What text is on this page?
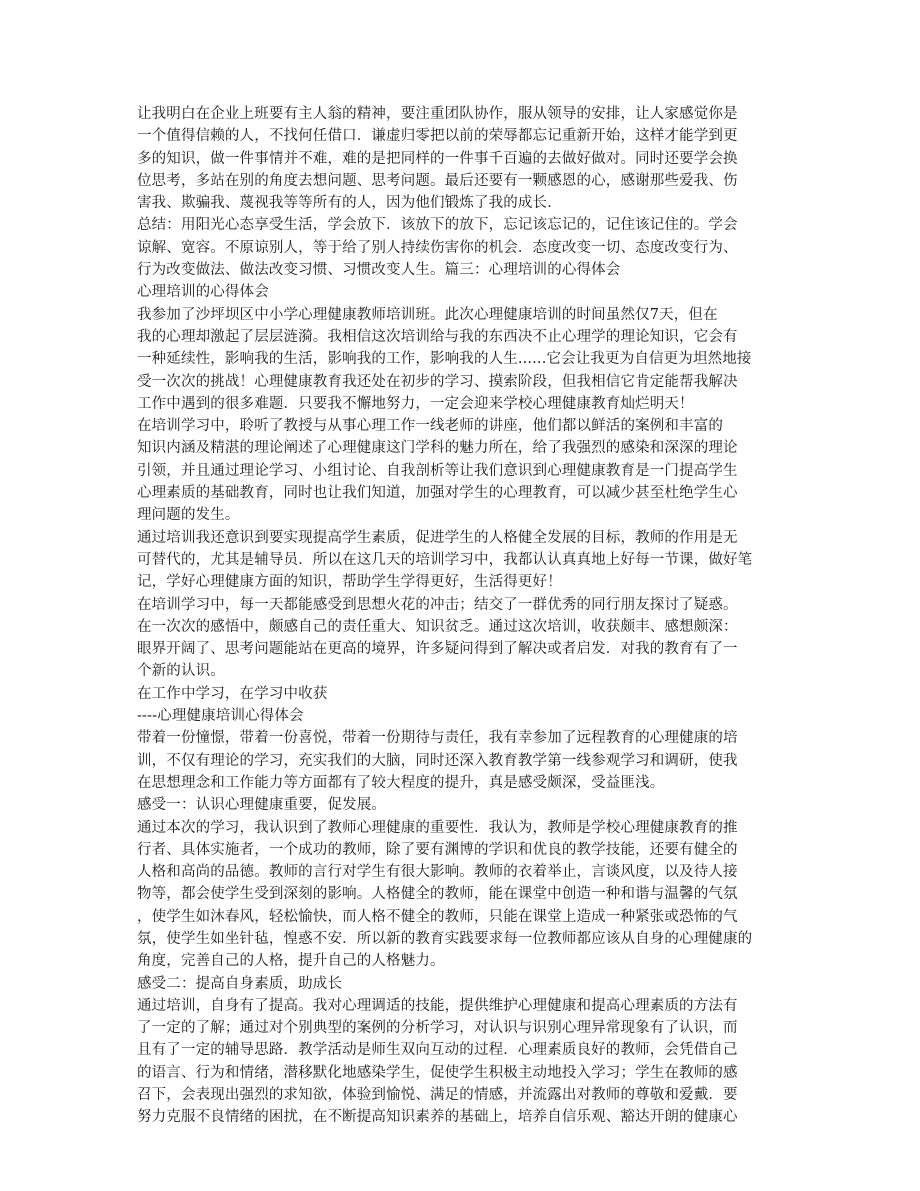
让我明白在企业上班要有主人翁的精神，要注重团队协作，服从领导的安排，让人家感觉你是
一个值得信赖的人，不找何任借口．谦虚归零把以前的荣辱都忘记重新开始，这样才能学到更
多的知识，做一件事情并不难，难的是把同样的一件事千百遍的去做好做对。同时还要学会换
位思考，多站在别的角度去想问题、思考问题。最后还要有一颗感恩的心，感谢那些爱我、伤
害我、欺骗我、蔑视我等等所有的人，因为他们锻炼了我的成长．
总结：用阳光心态享受生活，学会放下．该放下的放下，忘记该忘记的，记住该记住的。学会
谅解、宽容。不原谅别人，等于给了别人持续伤害你的机会．态度改变一切、态度改变行为、
行为改变做法、做法改变习惯、习惯改变人生。篇三：心理培训的心得体会
心理培训的心得体会
我参加了沙坪坝区中小学心理健康教师培训班。此次心理健康培训的时间虽然仅7天，但在
我的心理却激起了层层涟漪。我相信这次培训给与我的东西决不止心理学的理论知识，它会有
一种延续性，影响我的生活，影响我的工作，影响我的人生......它会让我更为自信更为坦然地接
受一次次的挑战！心理健康教育我还处在初步的学习、摸索阶段，但我相信它肯定能帮我解决
工作中遇到的很多难题．只要我不懈地努力，一定会迎来学校心理健康教育灿烂明天！
在培训学习中，聆听了教授与从事心理工作一线老师的讲座，他们都以鲜活的案例和丰富的
知识内涵及精湛的理论阐述了心理健康这门学科的魅力所在，给了我强烈的感染和深深的理论
引领，并且通过理论学习、小组讨论、自我剖析等让我们意识到心理健康教育是一门提高学生
心理素质的基础教育，同时也让我们知道，加强对学生的心理教育，可以减少甚至杜绝学生心
理问题的发生。
通过培训我还意识到要实现提高学生素质，促进学生的人格健全发展的目标，教师的作用是无
可替代的，尤其是辅导员．所以在这几天的培训学习中，我都认认真真地上好每一节课，做好笔
记，学好心理健康方面的知识，帮助学生学得更好，生活得更好！
在培训学习中，每一天都能感受到思想火花的冲击；结交了一群优秀的同行朋友探讨了疑惑。
在一次次的感悟中，颇感自己的责任重大、知识贫乏。通过这次培训，收获颇丰、感想颇深：
眼界开阔了、思考问题能站在更高的境界，许多疑问得到了解决或者启发．对我的教育有了一
个新的认识。
在工作中学习，在学习中收获
----心理健康培训心得体会
带着一份憧憬，带着一份喜悦，带着一份期待与责任，我有幸参加了远程教育的心理健康的培
训，不仅有理论的学习，充实我们的大脑，同时还深入教育教学第一线参观学习和调研，使我
在思想理念和工作能力等方面都有了较大程度的提升，真是感受颇深，受益匪浅。
感受一：认识心理健康重要，促发展。
通过本次的学习，我认识到了教师心理健康的重要性．我认为，教师是学校心理健康教育的推
行者、具体实施者，一个成功的教师，除了要有渊博的学识和优良的教学技能，还要有健全的
人格和高尚的品德。教师的言行对学生有很大影响。教师的衣着举止，言谈风度，以及待人接
物等，都会使学生受到深刻的影响。人格健全的教师，能在课堂中创造一种和谐与温馨的气氛
，使学生如沐春风，轻松愉快，而人格不健全的教师，只能在课堂上造成一种紧张或恐怖的气
氛，使学生如坐针毡，惶惑不安．所以新的教育实践要求每一位教师都应该从自身的心理健康的
角度，完善自己的人格，提升自己的人格魅力。
感受二：提高自身素质，助成长
通过培训，自身有了提高。我对心理调适的技能，提供维护心理健康和提高心理素质的方法有
了一定的了解；通过对个别典型的案例的分析学习，对认识与识别心理异常现象有了认识，而
且有了一定的辅导思路．教学活动是师生双向互动的过程．心理素质良好的教师，会凭借自己
的语言、行为和情绪，潜移默化地感染学生，促使学生积极主动地投入学习；学生在教师的感
召下，会表现出强烈的求知欲，体验到愉悦、满足的情感，并流露出对教师的尊敬和爱戴．要
努力克服不良情绪的困扰，在不断提高知识素养的基础上，培养自信乐观、豁达开朗的健康心
